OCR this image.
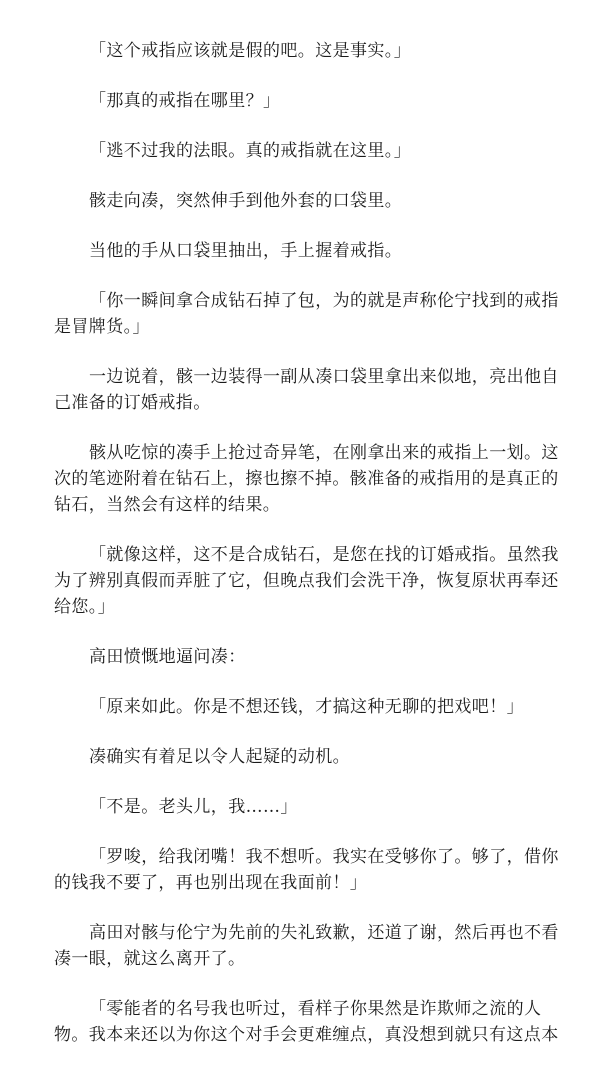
「这个戒指应该就是假的吧。这是事实。」

「那真的戒指在哪里？」

「逃不过我的法眼。真的戒指就在这里。」

骸走向凑，突然伸手到他外套的口袋里。

当他的手从口袋里抽出，手上握着戒指。

「你一瞬间拿合成钻石掉了包，为的就是声称伦宁找到的戒指是冒牌货。」

一边说着，骸一边装得一副从凑口袋里拿出来似地，亮出他自己准备的订婚戒指。

骸从吃惊的凑手上抢过奇异笔，在刚拿出来的戒指上一划。这次的笔迹附着在钻石上，擦也擦不掉。骸准备的戒指用的是真正的钻石，当然会有这样的结果。

「就像这样，这不是合成钻石，是您在找的订婚戒指。虽然我为了辨别真假而弄脏了它，但晚点我们会洗干净，恢复原状再奉还给您。」

高田愤慨地逼问凑：

「原来如此。你是不想还钱，才搞这种无聊的把戏吧！」

凑确实有着足以令人起疑的动机。

「不是。老头儿，我……」

「罗唆，给我闭嘴！我不想听。我实在受够你了。够了，借你的钱我不要了，再也别出现在我面前！」

高田对骸与伦宁为先前的失礼致歉，还道了谢，然后再也不看凑一眼，就这么离开了。

「零能者的名号我也听过，看样子你果然是诈欺师之流的人物。我本来还以为你这个对手会更难缠点，真没想到就只有这点本
